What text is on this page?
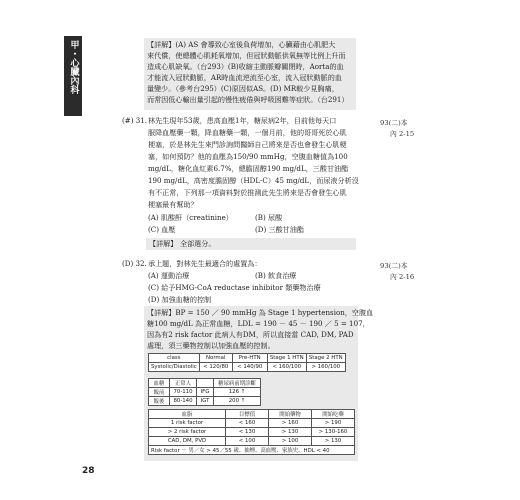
甲・心臟內科	【詳解】(A) AS 會導致心室後負荷增加，心臟藉由心肌肥大
來代償，使總體心肌耗氧增加，但冠狀動脈供氧無等比例上升而
造成心肌缺氧。（台293）(B)收縮主動脈瓣關閉時，Aorta的血
才能流入冠狀動脈，AR時血流逆流至心室，流入冠狀動脈的血
量變少。（參考台295）(C)原因似AS。(D) MR較少見胸痛，
而常因低心輸出量引起的慢性疲倦與呼吸困難等症狀。（台291）
(#) 31. 林先生現年53歲，患高血壓1年，糖尿病2年，目前他每天口
服降血壓藥一顆，降血糖藥一顆，一個月前，他的哥哥死於心肌
梗塞，於是林先生來門診詢問醫師自己將來是否也會發生心肌梗
塞，如何預防？他的血壓為150/90 mmHg，空腹血糖值為100
mg/dL，糖化血紅素6.7%，總膽固醇190 mg/dL，三酸甘油酯
190 mg/dL，高密度膽固醇（HDL-C）45 mg/dL，而尿液分析沒
有不正常，下列那一項資料對於推測此先生將來是否會發生心肌
梗塞最有幫助？
93(二)本
內 2-15
(A) 肌酸酐（creatinine）	(B) 尿酸
(C) 血壓	(D) 三酸甘油酯
【詳解】 全部選分。
(D) 32. 承上題，對林先生最適合的處置為：	93(二)本
內 2-16
(A) 運動治療	(B) 飲食治療
(C) 給予HMG-CoA reductase inhibitor 類藥物治療
(D) 加強血糖的控制
【詳解】BP = 150 ／ 90 mmHg 為 Stage 1 hypertension，空腹血
糖100 mg/dL 為正常血糖，LDL = 190 － 45 － 190 ／ 5 = 107，
因為有2 risk factor 此病人有DM，所以直接當 CAD, DM, PAD
處理，須三藥物控制以加強血壓的控制。
class	Normal	Pre-HTN	Stage 1 HTN	Stage 2 HTN
Systolic/Diastolic	< 120/80	< 140/90	< 160/100	> 160/100
血糖	正常人		糖尿病前期診斷
飯前	70-110	IFG	126 ↑
飯後	80-140	IGT	200 ↑
血脂	目標值	開始藥物	開始吃藥
1 risk factor	< 160	> 160	> 190
> 2 risk factor	< 130	> 130	> 130-160
CAD, DM, PVD	< 100	> 100	> 130
Risk factor － 男／女 > 45／55 歲、抽煙、高血壓、家族史、HDL < 40			
28
